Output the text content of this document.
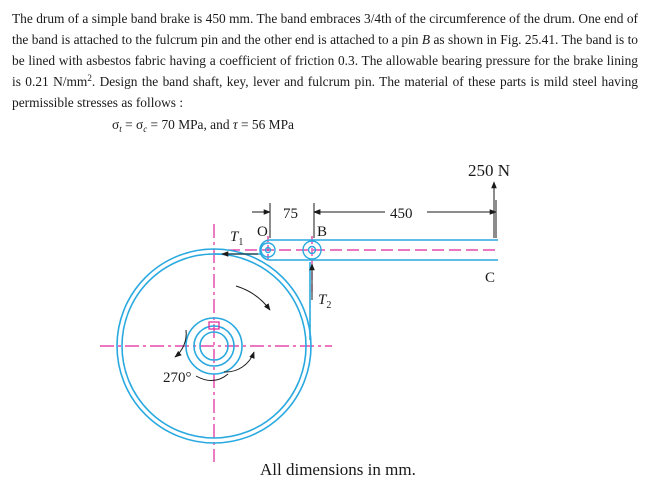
The drum of a simple band brake is 450 mm. The band embraces 3/4th of the circumference of the drum. One end of the band is attached to the fulcrum pin and the other end is attached to a pin B as shown in Fig. 25.41. The band is to be lined with asbestos fabric having a coefficient of friction 0.3. The allowable bearing pressure for the brake lining is 0.21 $N/mm^2$. Design the band shaft, key, lever and fulcrum pin. The material of these parts is mild steel having permissible stresses as follows :

$\sigma_t = \sigma_c = 70$ MPa, and τ = 56 MPa
250 N
75	450
B
C
O
$T_1$
$T_2$
270°
All dimensions in mm.
